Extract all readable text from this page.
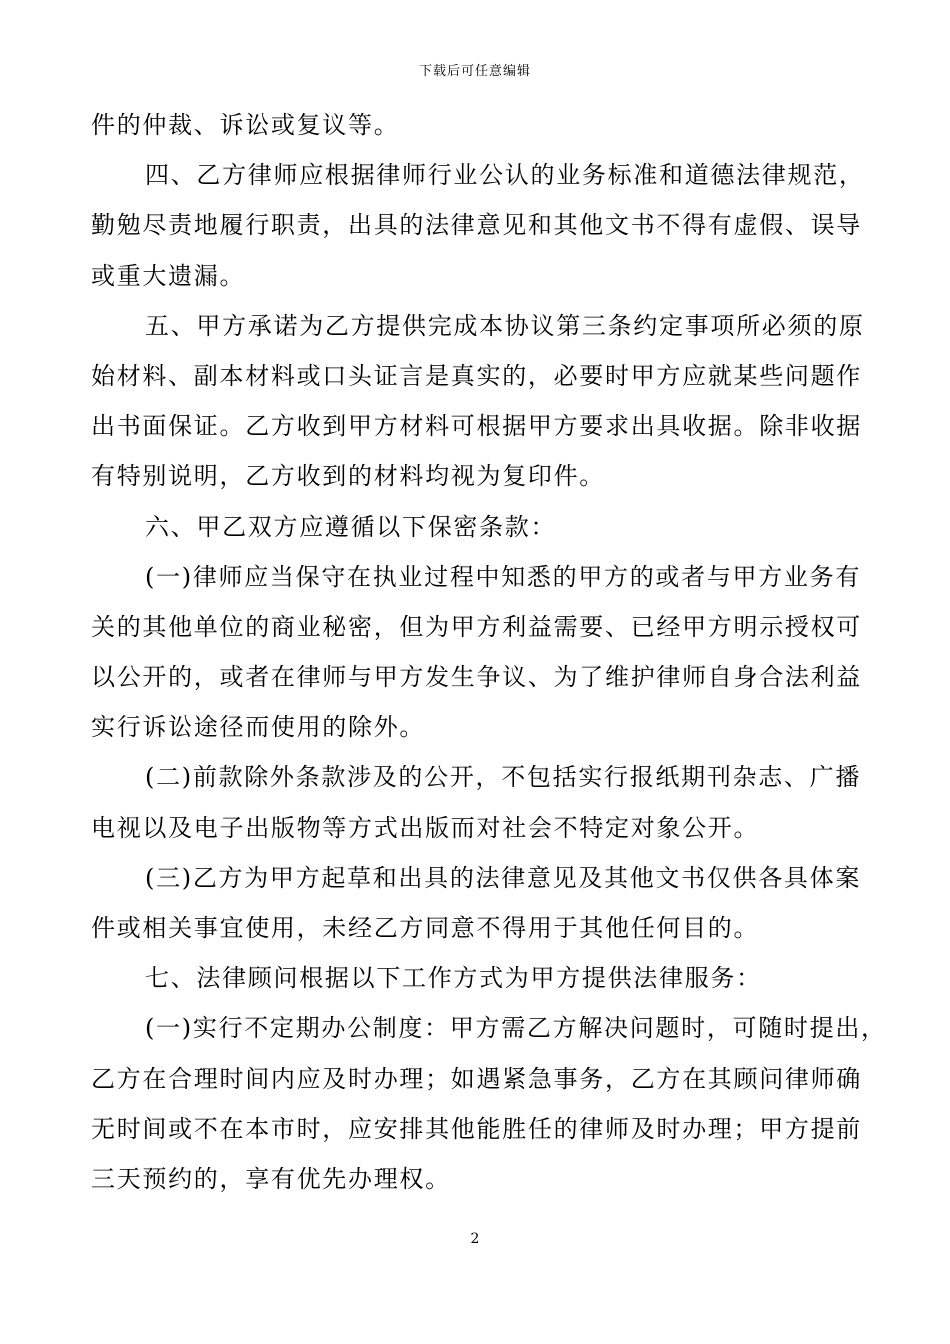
下载后可任意编辑
件的仲裁、诉讼或复议等。
四、乙方律师应根据律师行业公认的业务标准和道德法律规范，
勤勉尽责地履行职责，出具的法律意见和其他文书不得有虚假、误导
或重大遗漏。
五、甲方承诺为乙方提供完成本协议第三条约定事项所必须的原
始材料、副本材料或口头证言是真实的，必要时甲方应就某些问题作
出书面保证。乙方收到甲方材料可根据甲方要求出具收据。除非收据
有特别说明，乙方收到的材料均视为复印件。
六、甲乙双方应遵循以下保密条款：
(一)律师应当保守在执业过程中知悉的甲方的或者与甲方业务有
关的其他单位的商业秘密，但为甲方利益需要、已经甲方明示授权可
以公开的，或者在律师与甲方发生争议、为了维护律师自身合法利益
实行诉讼途径而使用的除外。
(二)前款除外条款涉及的公开，不包括实行报纸期刊杂志、广播
电视以及电子出版物等方式出版而对社会不特定对象公开。
(三)乙方为甲方起草和出具的法律意见及其他文书仅供各具体案
件或相关事宜使用，未经乙方同意不得用于其他任何目的。
七、法律顾问根据以下工作方式为甲方提供法律服务：
(一)实行不定期办公制度：甲方需乙方解决问题时，可随时提出，
乙方在合理时间内应及时办理；如遇紧急事务，乙方在其顾问律师确
无时间或不在本市时，应安排其他能胜任的律师及时办理；甲方提前
三天预约的，享有优先办理权。
2
